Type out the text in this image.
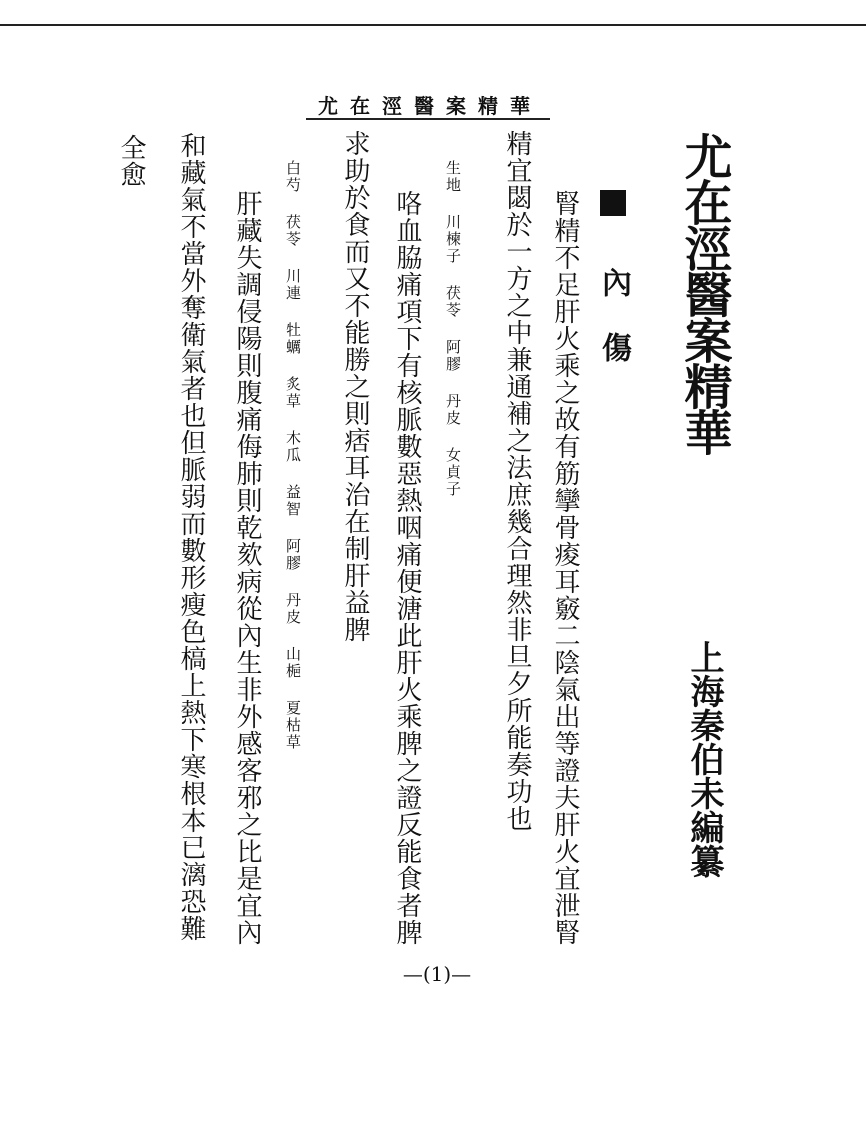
尤在涇醫案精華
尤在涇醫案精華
上海秦伯未編纂
內 傷
腎精不足肝火乘之故有筋攣骨痠耳竅二陰氣出等證夫肝火宜泄腎
精宜閟於一方之中兼通補之法庶幾合理然非旦夕所能奏功也
生地 川楝子 茯苓 阿膠 丹皮 女貞子
咯血脇痛項下有核脈數惡熱咽痛便溏此肝火乘脾之證反能食者脾
求助於食而又不能勝之則痞耳治在制肝益脾
白芍 茯苓 川連 牡蠣 炙草 木瓜 益智 阿膠 丹皮 山梔 夏枯草
肝藏失調侵陽則腹痛侮肺則乾欬病從內生非外感客邪之比是宜內
和藏氣不當外奪衛氣者也但脈弱而數形瘦色槁上熱下寒根本已漓恐難
全愈
—(1)—
